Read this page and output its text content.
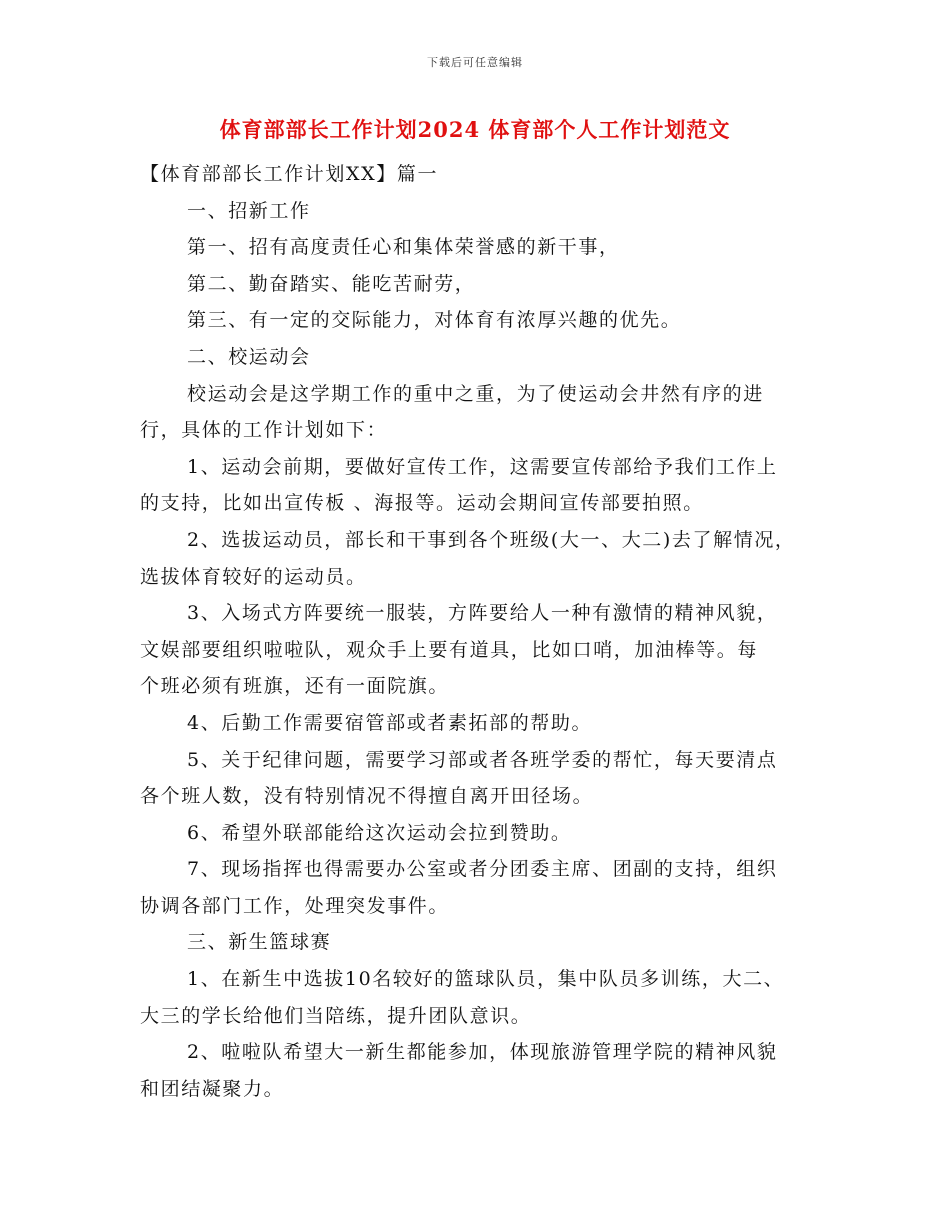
下载后可任意编辑
体育部部长工作计划2024 体育部个人工作计划范文
【体育部部长工作计划XX】篇一
一、招新工作
第一、招有高度责任心和集体荣誉感的新干事，
第二、勤奋踏实、能吃苦耐劳，
第三、有一定的交际能力，对体育有浓厚兴趣的优先。
二、校运动会
校运动会是这学期工作的重中之重，为了使运动会井然有序的进
行，具体的工作计划如下：
1、运动会前期，要做好宣传工作，这需要宣传部给予我们工作上
的支持，比如出宣传板 、海报等。运动会期间宣传部要拍照。
2、选拔运动员，部长和干事到各个班级(大一、大二)去了解情况，
选拔体育较好的运动员。
3、入场式方阵要统一服装，方阵要给人一种有激情的精神风貌，
文娱部要组织啦啦队，观众手上要有道具，比如口哨，加油棒等。每
个班必须有班旗，还有一面院旗。
4、后勤工作需要宿管部或者素拓部的帮助。
5、关于纪律问题，需要学习部或者各班学委的帮忙，每天要清点
各个班人数，没有特别情况不得擅自离开田径场。
6、希望外联部能给这次运动会拉到赞助。
7、现场指挥也得需要办公室或者分团委主席、团副的支持，组织
协调各部门工作，处理突发事件。
三、新生篮球赛
1、在新生中选拔10名较好的篮球队员，集中队员多训练，大二、
大三的学长给他们当陪练，提升团队意识。
2、啦啦队希望大一新生都能参加，体现旅游管理学院的精神风貌
和团结凝聚力。
